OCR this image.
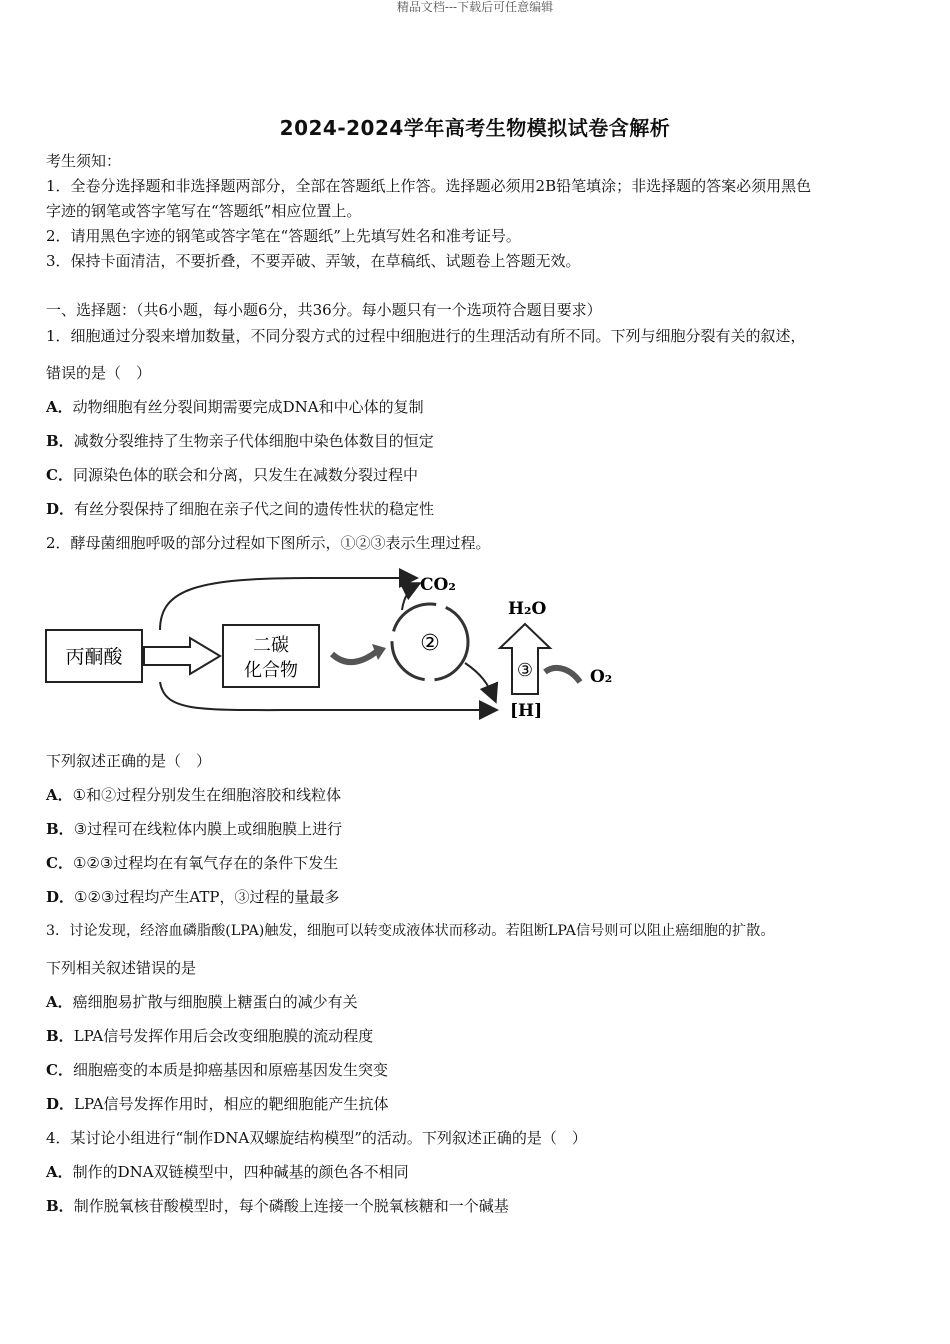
精品文档---下载后可任意编辑
2024-2024学年高考生物模拟试卷含解析
考生须知：
1．全卷分选择题和非选择题两部分，全部在答题纸上作答。选择题必须用2B铅笔填涂；非选择题的答案必须用黑色
字迹的钢笔或答字笔写在“答题纸”相应位置上。
2．请用黑色字迹的钢笔或答字笔在“答题纸”上先填写姓名和准考证号。
3．保持卡面清洁，不要折叠，不要弄破、弄皱，在草稿纸、试题卷上答题无效。
一、选择题：（共6小题，每小题6分，共36分。每小题只有一个选项符合题目要求）
1．细胞通过分裂来增加数量，不同分裂方式的过程中细胞进行的生理活动有所不同。下列与细胞分裂有关的叙述，
错误的是（　）
A．动物细胞有丝分裂间期需要完成DNA和中心体的复制
B．减数分裂维持了生物亲子代体细胞中染色体数目的恒定
C．同源染色体的联会和分离，只发生在减数分裂过程中
D．有丝分裂保持了细胞在亲子代之间的遗传性状的稳定性
2．酵母菌细胞呼吸的部分过程如下图所示，①②③表示生理过程。
丙酮酸
二碳
化合物
②
CO₂
H₂O
③	O₂
[H]
下列叙述正确的是（　）
A．①和②过程分别发生在细胞溶胶和线粒体
B．③过程可在线粒体内膜上或细胞膜上进行
C．①②③过程均在有氧气存在的条件下发生
D．①②③过程均产生ATP，③过程的量最多
3．讨论发现，经溶血磷脂酸(LPA)触发，细胞可以转变成液体状而移动。若阻断LPA信号则可以阻止癌细胞的扩散。
下列相关叙述错误的是
A．癌细胞易扩散与细胞膜上糖蛋白的减少有关
B．LPA信号发挥作用后会改变细胞膜的流动程度
C．细胞癌变的本质是抑癌基因和原癌基因发生突变
D．LPA信号发挥作用时，相应的靶细胞能产生抗体
4．某讨论小组进行“制作DNA双螺旋结构模型”的活动。下列叙述正确的是（　）
A．制作的DNA双链模型中，四种碱基的颜色各不相同
B．制作脱氧核苷酸模型时，每个磷酸上连接一个脱氧核糖和一个碱基
